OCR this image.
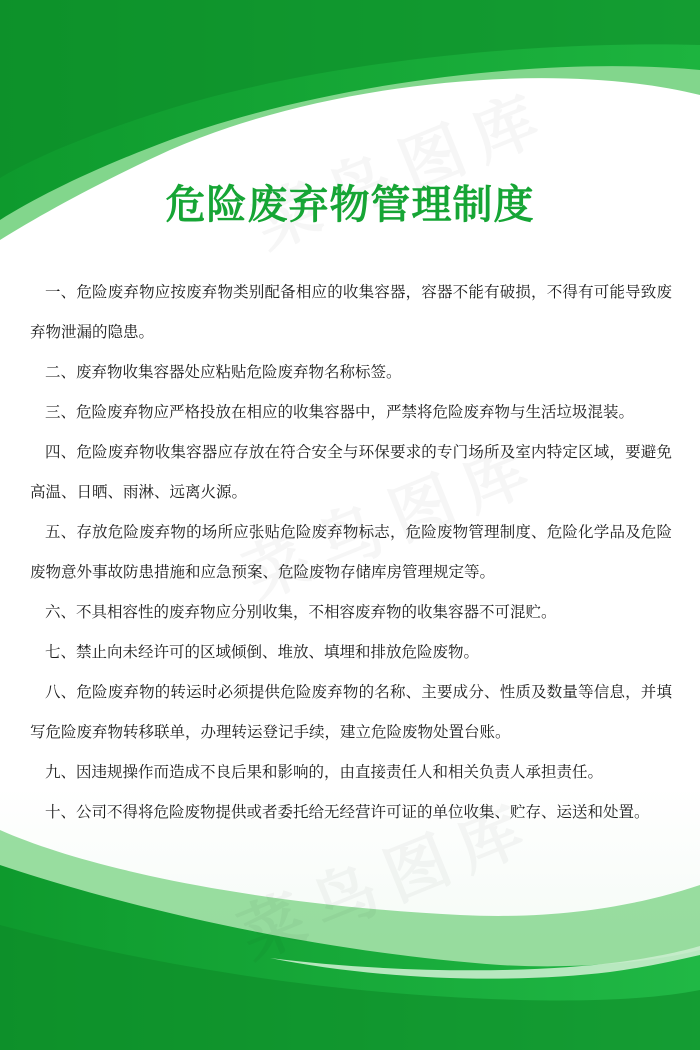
危险废弃物管理制度
一、危险废弃物应按废弃物类别配备相应的收集容器，容器不能有破损，不得有可能导致废弃物泄漏的隐患。
二、废弃物收集容器处应粘贴危险废弃物名称标签。
三、危险废弃物应严格投放在相应的收集容器中，严禁将危险废弃物与生活垃圾混装。
四、危险废弃物收集容器应存放在符合安全与环保要求的专门场所及室内特定区域，要避免高温、日晒、雨淋、远离火源。
五、存放危险废弃物的场所应张贴危险废弃物标志，危险废物管理制度、危险化学品及危险废物意外事故防患措施和应急预案、危险废物存储库房管理规定等。
六、不具相容性的废弃物应分别收集，不相容废弃物的收集容器不可混贮。
七、禁止向未经许可的区域倾倒、堆放、填埋和排放危险废物。
八、危险废弃物的转运时必须提供危险废弃物的名称、主要成分、性质及数量等信息，并填写危险废弃物转移联单，办理转运登记手续，建立危险废物处置台账。
九、因违规操作而造成不良后果和影响的，由直接责任人和相关负责人承担责任。
十、公司不得将危险废物提供或者委托给无经营许可证的单位收集、贮存、运送和处置。
